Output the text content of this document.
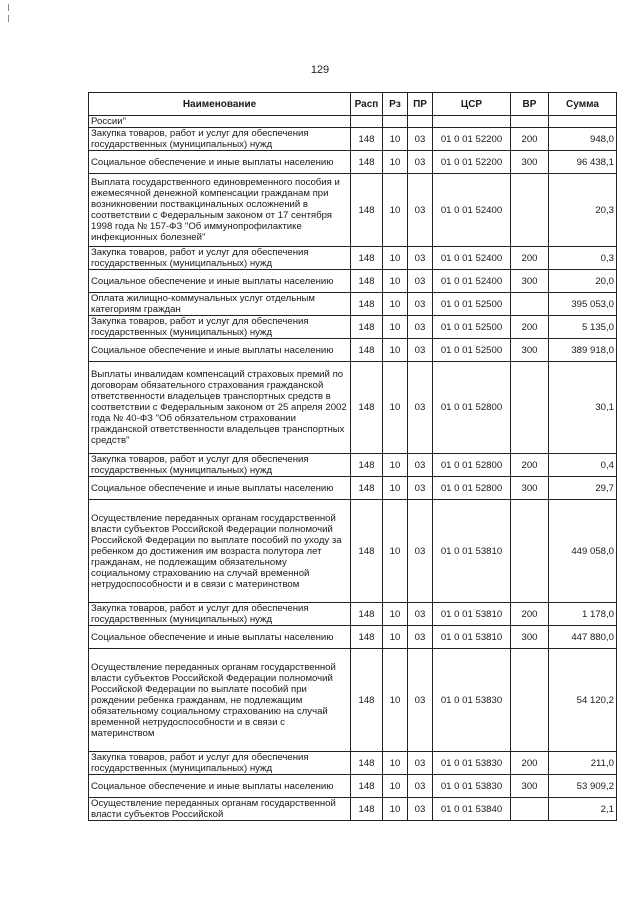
129
Наименование	Расп	Рз	ПР	ЦСР	ВР	Сумма
России"						
Закупка товаров, работ и услуг для обеспечения государственных (муниципальных) нужд	148	10	03	01 0 01 52200	200	948,0
Социальное обеспечение и иные выплаты населению	148	10	03	01 0 01 52200	300	96 438,1
Выплата государственного единовременного пособия и ежемесячной денежной компенсации гражданам при возникновении поствакцинальных осложнений в соответствии с Федеральным законом от 17 сентября 1998 года № 157-ФЗ "Об иммунопрофилактике инфекционных болезней"	148	10	03	01 0 01 52400		20,3
Закупка товаров, работ и услуг для обеспечения государственных (муниципальных) нужд	148	10	03	01 0 01 52400	200	0,3
Социальное обеспечение и иные выплаты населению	148	10	03	01 0 01 52400	300	20,0
Оплата жилищно-коммунальных услуг отдельным категориям граждан	148	10	03	01 0 01 52500		395 053,0
Закупка товаров, работ и услуг для обеспечения государственных (муниципальных) нужд	148	10	03	01 0 01 52500	200	5 135,0
Социальное обеспечение и иные выплаты населению	148	10	03	01 0 01 52500	300	389 918,0
Выплаты инвалидам компенсаций страховых премий по договорам обязательного страхования гражданской ответственности владельцев транспортных средств в соответствии с Федеральным законом от 25 апреля 2002 года № 40-ФЗ "Об обязательном страховании гражданской ответственности владельцев транспортных средств"	148	10	03	01 0 01 52800		30,1
Закупка товаров, работ и услуг для обеспечения государственных (муниципальных) нужд	148	10	03	01 0 01 52800	200	0,4
Социальное обеспечение и иные выплаты населению	148	10	03	01 0 01 52800	300	29,7
Осуществление переданных органам государственной власти субъектов Российской Федерации полномочий Российской Федерации по выплате пособий по уходу за ребенком до достижения им возраста полутора лет гражданам, не подлежащим обязательному социальному страхованию на случай временной нетрудоспособности и в связи с материнством	148	10	03	01 0 01 53810		449 058,0
Закупка товаров, работ и услуг для обеспечения государственных (муниципальных) нужд	148	10	03	01 0 01 53810	200	1 178,0
Социальное обеспечение и иные выплаты населению	148	10	03	01 0 01 53810	300	447 880,0
Осуществление переданных органам государственной власти субъектов Российской Федерации полномочий Российской Федерации по выплате пособий при рождении ребенка гражданам, не подлежащим обязательному социальному страхованию на случай временной нетрудоспособности и в связи с материнством	148	10	03	01 0 01 53830		54 120,2
Закупка товаров, работ и услуг для обеспечения государственных (муниципальных) нужд	148	10	03	01 0 01 53830	200	211,0
Социальное обеспечение и иные выплаты населению	148	10	03	01 0 01 53830	300	53 909,2
Осуществление переданных органам государственной власти субъектов Российской	148	10	03	01 0 01 53840		2,1
